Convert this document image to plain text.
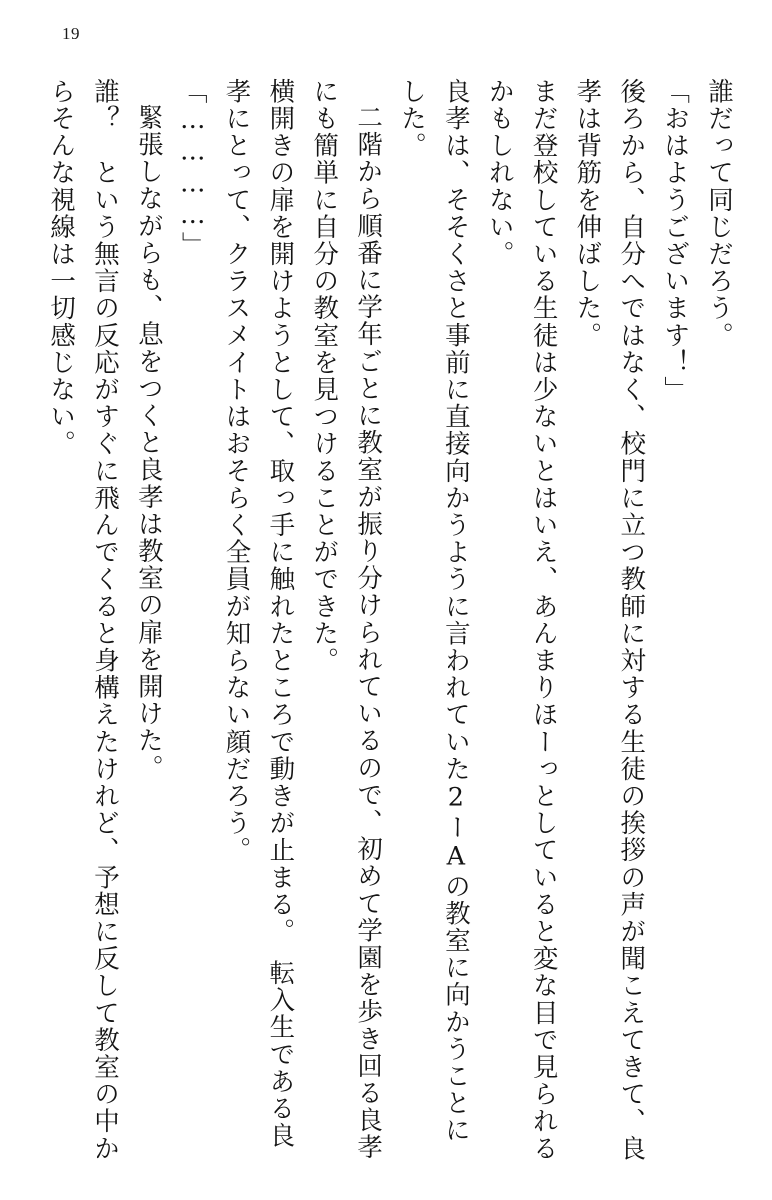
19

誰だって同じだろう。

「おはようございます！」

後ろから、自分へではなく、校門に立つ教師に対する生徒の挨拶の声が聞こえてきて、良孝は背筋を伸ばした。

まだ登校している生徒は少ないとはいえ、あんまりほーっとしていると変な目で見られるかもしれない。

良孝は、そそくさと事前に直接向かうように言われていた2ーAの教室に向かうことにした。

二階から順番に学年ごとに教室が振り分けられているので、初めて学園を歩き回る良孝にも簡単に自分の教室を見つけることができた。

横開きの扉を開けようとして、取っ手に触れたところで動きが止まる。　転入生である良孝にとって、クラスメイトはおそらく全員が知らない顔だろう。

「…………」

緊張しながらも、息をつくと良孝は教室の扉を開けた。

誰？　という無言の反応がすぐに飛んでくると身構えたけれど、予想に反して教室の中からそんな視線は一切感じない。
